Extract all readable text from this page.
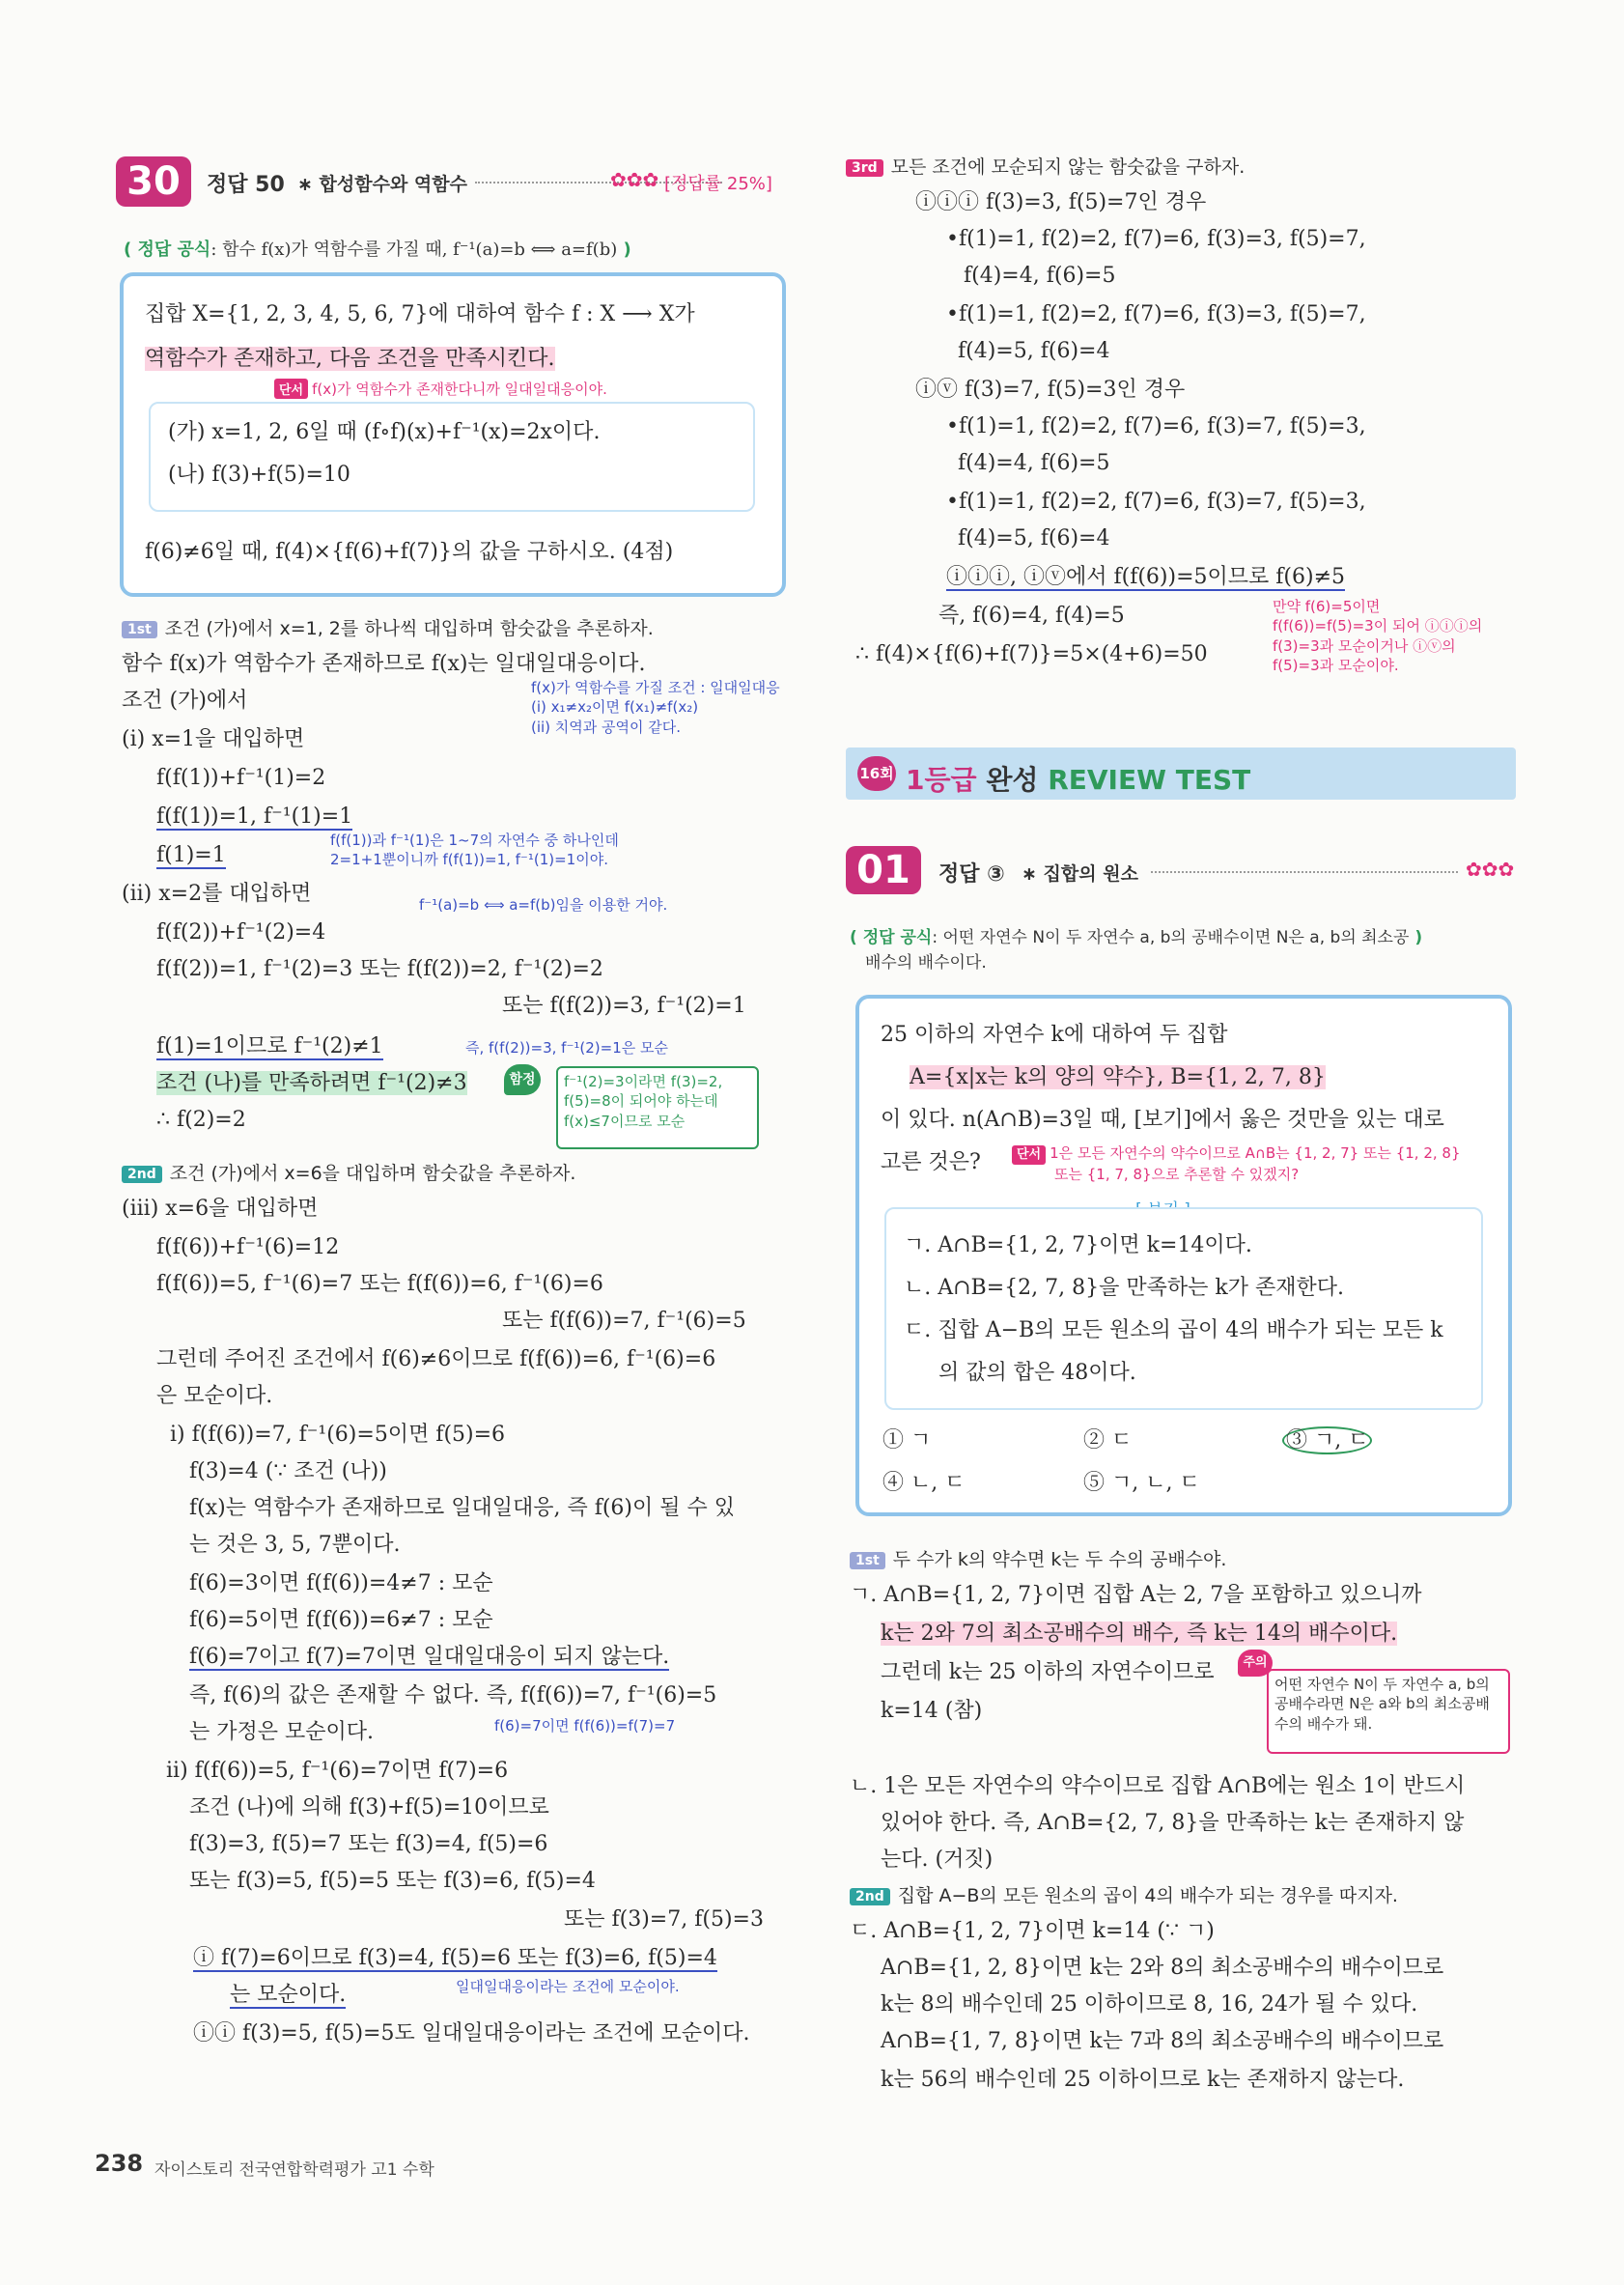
30	정답 50 ∗ 합성함수와 역함수	✿✿✿ [정답률 25%]
( 정답 공식: 함수 f(x)가 역함수를 가질 때, f⁻¹(a)=b ⟺ a=f(b) )
집합 X={1, 2, 3, 4, 5, 6, 7}에 대하여 함수 f : X ⟶ X가
역함수가 존재하고, 다음 조건을 만족시킨다.
단서 f(x)가 역함수가 존재한다니까 일대일대응이야.
(가) x=1, 2, 6일 때 (f∘f)(x)+f⁻¹(x)=2x이다.
(나) f(3)+f(5)=10
f(6)≠6일 때, f(4)×{f(6)+f(7)}의 값을 구하시오. (4점)
1st 조건 (가)에서 x=1, 2를 하나씩 대입하며 함숫값을 추론하자.
함수 f(x)가 역함수가 존재하므로 f(x)는 일대일대응이다.
f(x)가 역함수를 가질 조건 : 일대일대응
(i) x₁≠x₂이면 f(x₁)≠f(x₂)
(ii) 치역과 공역이 같다.
조건 (가)에서
(i) x=1을 대입하면
f(f(1))+f⁻¹(1)=2
f(f(1))=1, f⁻¹(1)=1
f(1)=1
f(f(1))과 f⁻¹(1)은 1~7의 자연수 중 하나인데
2=1+1뿐이니까 f(f(1))=1, f⁻¹(1)=1이야.
(ii) x=2를 대입하면	f⁻¹(a)=b ⟺ a=f(b)임을 이용한 거야.
f(f(2))+f⁻¹(2)=4
f(f(2))=1, f⁻¹(2)=3 또는 f(f(2))=2, f⁻¹(2)=2
또는 f(f(2))=3, f⁻¹(2)=1
f(1)=1이므로 f⁻¹(2)≠1	즉, f(f(2))=3, f⁻¹(2)=1은 모순
조건 (나)를 만족하려면 f⁻¹(2)≠3	함정	f⁻¹(2)=3이라면 f(3)=2,
f(5)=8이 되어야 하는데
f(x)≤7이므로 모순
∴ f(2)=2
2nd 조건 (가)에서 x=6을 대입하며 함숫값을 추론하자.
(iii) x=6을 대입하면
f(f(6))+f⁻¹(6)=12
f(f(6))=5, f⁻¹(6)=7 또는 f(f(6))=6, f⁻¹(6)=6
또는 f(f(6))=7, f⁻¹(6)=5
그런데 주어진 조건에서 f(6)≠6이므로 f(f(6))=6, f⁻¹(6)=6
은 모순이다.
i) f(f(6))=7, f⁻¹(6)=5이면 f(5)=6
f(3)=4 (∵ 조건 (나))
f(x)는 역함수가 존재하므로 일대일대응, 즉 f(6)이 될 수 있
는 것은 3, 5, 7뿐이다.
f(6)=3이면 f(f(6))=4≠7 : 모순
f(6)=5이면 f(f(6))=6≠7 : 모순
f(6)=7이고 f(7)=7이면 일대일대응이 되지 않는다.
즉, f(6)의 값은 존재할 수 없다. 즉, f(f(6))=7, f⁻¹(6)=5
f(6)=7이면 f(f(6))=f(7)=7
는 가정은 모순이다.
ii) f(f(6))=5, f⁻¹(6)=7이면 f(7)=6
조건 (나)에 의해 f(3)+f(5)=10이므로
f(3)=3, f(5)=7 또는 f(3)=4, f(5)=6
또는 f(3)=5, f(5)=5 또는 f(3)=6, f(5)=4
또는 f(3)=7, f(5)=3
ⓘ f(7)=6이므로 f(3)=4, f(5)=6 또는 f(3)=6, f(5)=4
는 모순이다.	일대일대응이라는 조건에 모순이야.
ⓘⓘ f(3)=5, f(5)=5도 일대일대응이라는 조건에 모순이다.
238 자이스토리 전국연합학력평가 고1 수학
3rd 모든 조건에 모순되지 않는 함숫값을 구하자.
ⓘⓘⓘ f(3)=3, f(5)=7인 경우
•f(1)=1, f(2)=2, f(7)=6, f(3)=3, f(5)=7,
f(4)=4, f(6)=5
•f(1)=1, f(2)=2, f(7)=6, f(3)=3, f(5)=7,
f(4)=5, f(6)=4
ⓘⓥ f(3)=7, f(5)=3인 경우
•f(1)=1, f(2)=2, f(7)=6, f(3)=7, f(5)=3,
f(4)=4, f(6)=5
•f(1)=1, f(2)=2, f(7)=6, f(3)=7, f(5)=3,
f(4)=5, f(6)=4
ⓘⓘⓘ, ⓘⓥ에서 f(f(6))=5이므로 f(6)≠5
즉, f(6)=4, f(4)=5
∴ f(4)×{f(6)+f(7)}=5×(4+6)=50
만약 f(6)=5이면
f(f(6))=f(5)=3이 되어 ⓘⓘⓘ의
f(3)=3과 모순이거나 ⓘⓥ의
f(5)=3과 모순이야.
16회 1등급 완성 REVIEW TEST
01	정답 ③ ∗ 집합의 원소	✿✿✿
( 정답 공식: 어떤 자연수 N이 두 자연수 a, b의 공배수이면 N은 a, b의 최소공 )
배수의 배수이다.
25 이하의 자연수 k에 대하여 두 집합
A={x|x는 k의 양의 약수}, B={1, 2, 7, 8}
이 있다. n(A∩B)=3일 때, [보기]에서 옳은 것만을 있는 대로
고른 것은?	단서 1은 모든 자연수의 약수이므로 A∩B는 {1, 2, 7} 또는 {1, 2, 8}
또는 {1, 7, 8}으로 추론할 수 있겠지?
ㄱ. A∩B={1, 2, 7}이면 k=14이다.
ㄴ. A∩B={2, 7, 8}을 만족하는 k가 존재한다.
ㄷ. 집합 A−B의 모든 원소의 곱이 4의 배수가 되는 모든 k
의 값의 합은 48이다.
① ㄱ	② ㄷ	③ ㄱ, ㄷ
④ ㄴ, ㄷ	⑤ ㄱ, ㄴ, ㄷ
1st 두 수가 k의 약수면 k는 두 수의 공배수야.
ㄱ. A∩B={1, 2, 7}이면 집합 A는 2, 7을 포함하고 있으니까
k는 2와 7의 최소공배수의 배수, 즉 k는 14의 배수이다.
그런데 k는 25 이하의 자연수이므로
k=14 (참)
주의
어떤 자연수 N이 두 자연수 a, b의
공배수라면 N은 a와 b의 최소공배
수의 배수가 돼.
ㄴ. 1은 모든 자연수의 약수이므로 집합 A∩B에는 원소 1이 반드시
있어야 한다. 즉, A∩B={2, 7, 8}을 만족하는 k는 존재하지 않
는다. (거짓)
2nd 집합 A−B의 모든 원소의 곱이 4의 배수가 되는 경우를 따지자.
ㄷ. A∩B={1, 2, 7}이면 k=14 (∵ ㄱ)
A∩B={1, 2, 8}이면 k는 2와 8의 최소공배수의 배수이므로
k는 8의 배수인데 25 이하이므로 8, 16, 24가 될 수 있다.
A∩B={1, 7, 8}이면 k는 7과 8의 최소공배수의 배수이므로
k는 56의 배수인데 25 이하이므로 k는 존재하지 않는다.
